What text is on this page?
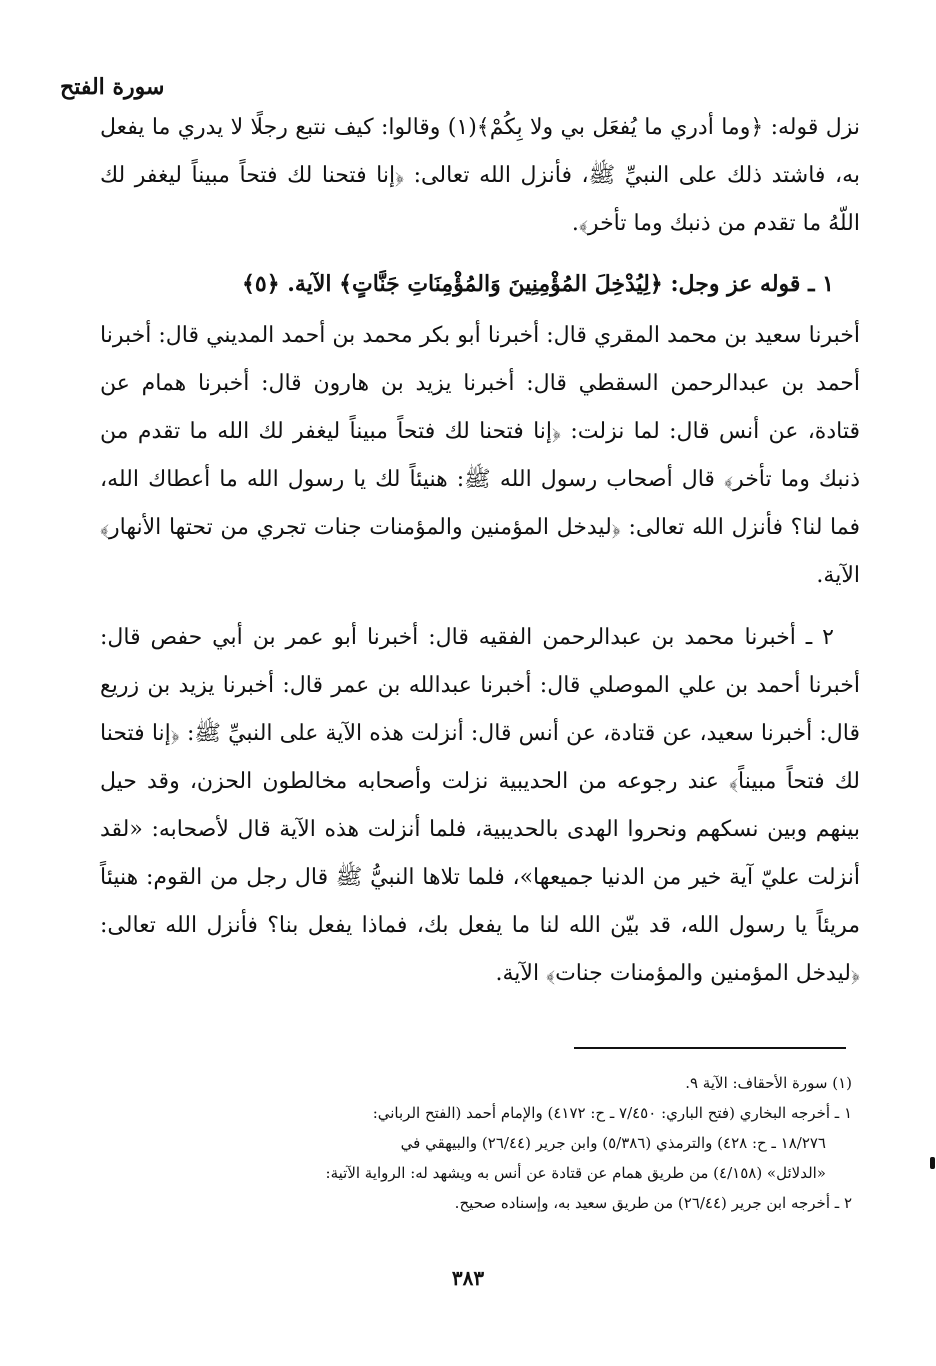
سورة الفتح

نزل قوله: ﴿وما أدري ما يُفعَل بي ولا بِكُمْ﴾(١) وقالوا: كيف نتبع رجلًا لا يدري ما يفعل به، فاشتد ذلك على النبيِّ ﷺ، فأنزل الله تعالى: ﴿إنا فتحنا لك فتحاً مبيناً ليغفر لك اللّهُ ما تقدم من ذنبك وما تأخر﴾.

١ ـ قوله عز وجل: ﴿لِيُدْخِلَ المُؤْمِنِينَ وَالمُؤْمِنَاتِ جَنَّاتٍ﴾ الآية. ﴿٥﴾

أخبرنا سعيد بن محمد المقري قال: أخبرنا أبو بكر محمد بن أحمد المديني قال: أخبرنا أحمد بن عبدالرحمن السقطي قال: أخبرنا يزيد بن هارون قال: أخبرنا همام عن قتادة، عن أنس قال: لما نزلت: ﴿إنا فتحنا لك فتحاً مبيناً ليغفر لك الله ما تقدم من ذنبك وما تأخر﴾ قال أصحاب رسول الله ﷺ: هنيئاً لك يا رسول الله ما أعطاك الله، فما لنا؟ فأنزل الله تعالى: ﴿ليدخل المؤمنين والمؤمنات جنات تجري من تحتها الأنهار﴾ الآية.

٢ ـ أخبرنا محمد بن عبدالرحمن الفقيه قال: أخبرنا أبو عمر بن أبي حفص قال: أخبرنا أحمد بن علي الموصلي قال: أخبرنا عبدالله بن عمر قال: أخبرنا يزيد بن زريع قال: أخبرنا سعيد، عن قتادة، عن أنس قال: أنزلت هذه الآية على النبيِّ ﷺ: ﴿إنا فتحنا لك فتحاً مبيناً﴾ عند رجوعه من الحديبية نزلت وأصحابه مخالطون الحزن، وقد حيل بينهم وبين نسكهم ونحروا الهدى بالحديبية، فلما أنزلت هذه الآية قال لأصحابه: «لقد أنزلت عليّ آية خير من الدنيا جميعها»، فلما تلاها النبيُّ ﷺ قال رجل من القوم: هنيئاً مريئاً يا رسول الله، قد بيّن الله لنا ما يفعل بك، فماذا يفعل بنا؟ فأنزل الله تعالى: ﴿ليدخل المؤمنين والمؤمنات جنات﴾ الآية.

(١) سورة الأحقاف: الآية ٩.

١ ـ أخرجه البخاري (فتح الباري: ٧/٤٥٠ ـ ح: ٤١٧٢) والإمام أحمد (الفتح الرباني:

١٨/٢٧٦ ـ ح: ٤٢٨) والترمذي (٥/٣٨٦) وابن جرير (٢٦/٤٤) والبيهقي في

«الدلائل» (٤/١٥٨) من طريق همام عن قتادة عن أنس به ويشهد له: الرواية الآتية:

٢ ـ أخرجه ابن جرير (٢٦/٤٤) من طريق سعيد به، وإسناده صحيح.

٣٨٣
